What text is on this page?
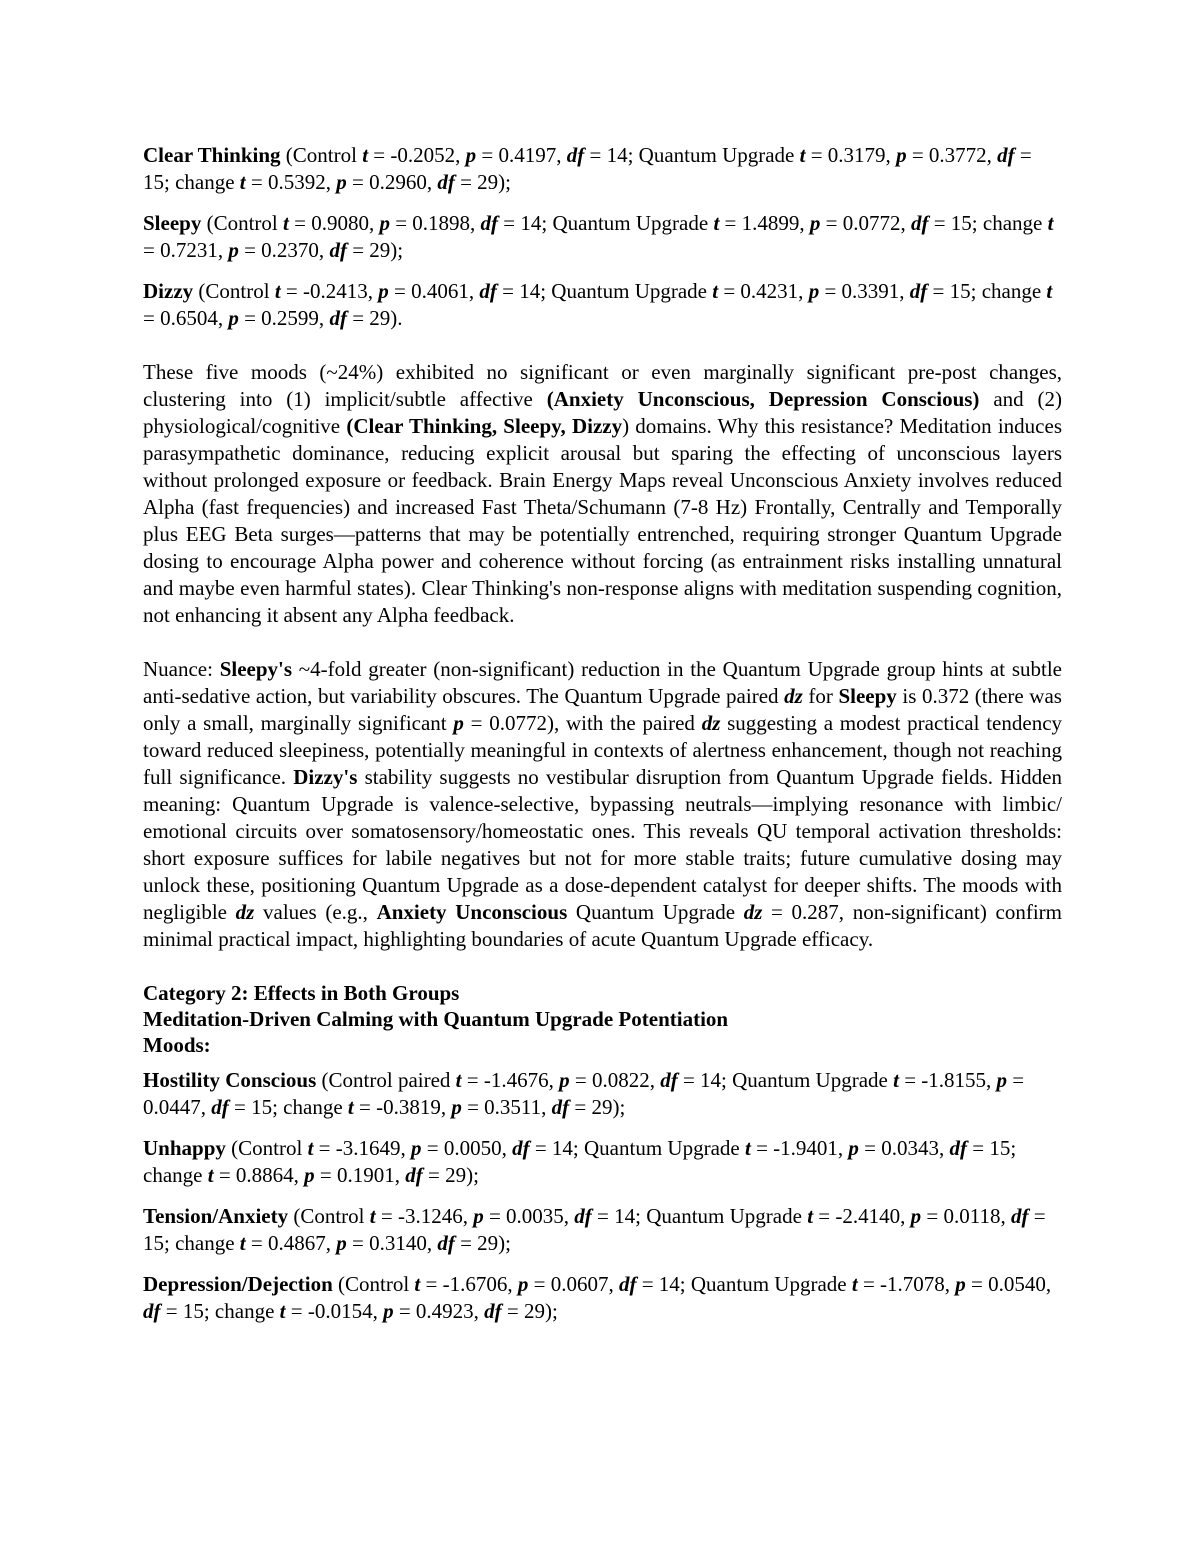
Clear Thinking (Control t = -0.2052, p = 0.4197, df = 14; Quantum Upgrade t = 0.3179, p = 0.3772, df = 15; change t = 0.5392, p = 0.2960, df = 29);

Sleepy (Control t = 0.9080, p = 0.1898, df = 14; Quantum Upgrade t = 1.4899, p = 0.0772, df = 15; change t = 0.7231, p = 0.2370, df = 29);

Dizzy (Control t = -0.2413, p = 0.4061, df = 14; Quantum Upgrade t = 0.4231, p = 0.3391, df = 15; change t = 0.6504, p = 0.2599, df = 29).

These five moods (~24%) exhibited no significant or even marginally significant pre-post changes, clustering into (1) implicit/subtle affective (Anxiety Unconscious, Depression Conscious) and (2) physiological/cognitive (Clear Thinking, Sleepy, Dizzy) domains. Why this resistance? Meditation induces parasympathetic dominance, reducing explicit arousal but sparing the effecting of unconscious layers without prolonged exposure or feedback. Brain Energy Maps reveal Unconscious Anxiety involves reduced Alpha (fast frequencies) and increased Fast Theta/Schumann (7-8 Hz) Frontally, Centrally and Temporally plus EEG Beta surges—patterns that may be potentially entrenched, requiring stronger Quantum Upgrade dosing to encourage Alpha power and coherence without forcing (as entrainment risks installing unnatural and maybe even harmful states). Clear Thinking's non-response aligns with meditation suspending cognition, not enhancing it absent any Alpha feedback.

Nuance: Sleepy's ~4-fold greater (non-significant) reduction in the Quantum Upgrade group hints at subtle anti-sedative action, but variability obscures. The Quantum Upgrade paired dz for Sleepy is 0.372 (there was only a small, marginally significant p = 0.0772), with the paired dz suggesting a modest practical tendency toward reduced sleepiness, potentially meaningful in contexts of alertness enhancement, though not reaching full significance. Dizzy's stability suggests no vestibular disruption from Quantum Upgrade fields. Hidden meaning: Quantum Upgrade is valence-selective, bypassing neutrals—implying resonance with limbic/ emotional circuits over somatosensory/homeostatic ones. This reveals QU temporal activation thresholds: short exposure suffices for labile negatives but not for more stable traits; future cumulative dosing may unlock these, positioning Quantum Upgrade as a dose-dependent catalyst for deeper shifts. The moods with negligible dz values (e.g., Anxiety Unconscious Quantum Upgrade dz = 0.287, non-significant) confirm minimal practical impact, highlighting boundaries of acute Quantum Upgrade efficacy.

Category 2: Effects in Both Groups
Meditation-Driven Calming with Quantum Upgrade Potentiation
Moods:

Hostility Conscious (Control paired t = -1.4676, p = 0.0822, df = 14; Quantum Upgrade t = -1.8155, p = 0.0447, df = 15; change t = -0.3819, p = 0.3511, df = 29);

Unhappy (Control t = -3.1649, p = 0.0050, df = 14; Quantum Upgrade t = -1.9401, p = 0.0343, df = 15; change t = 0.8864, p = 0.1901, df = 29);

Tension/Anxiety (Control t = -3.1246, p = 0.0035, df = 14; Quantum Upgrade t = -2.4140, p = 0.0118, df = 15; change t = 0.4867, p = 0.3140, df = 29);

Depression/Dejection (Control t = -1.6706, p = 0.0607, df = 14; Quantum Upgrade t = -1.7078, p = 0.0540, df = 15; change t = -0.0154, p = 0.4923, df = 29);
